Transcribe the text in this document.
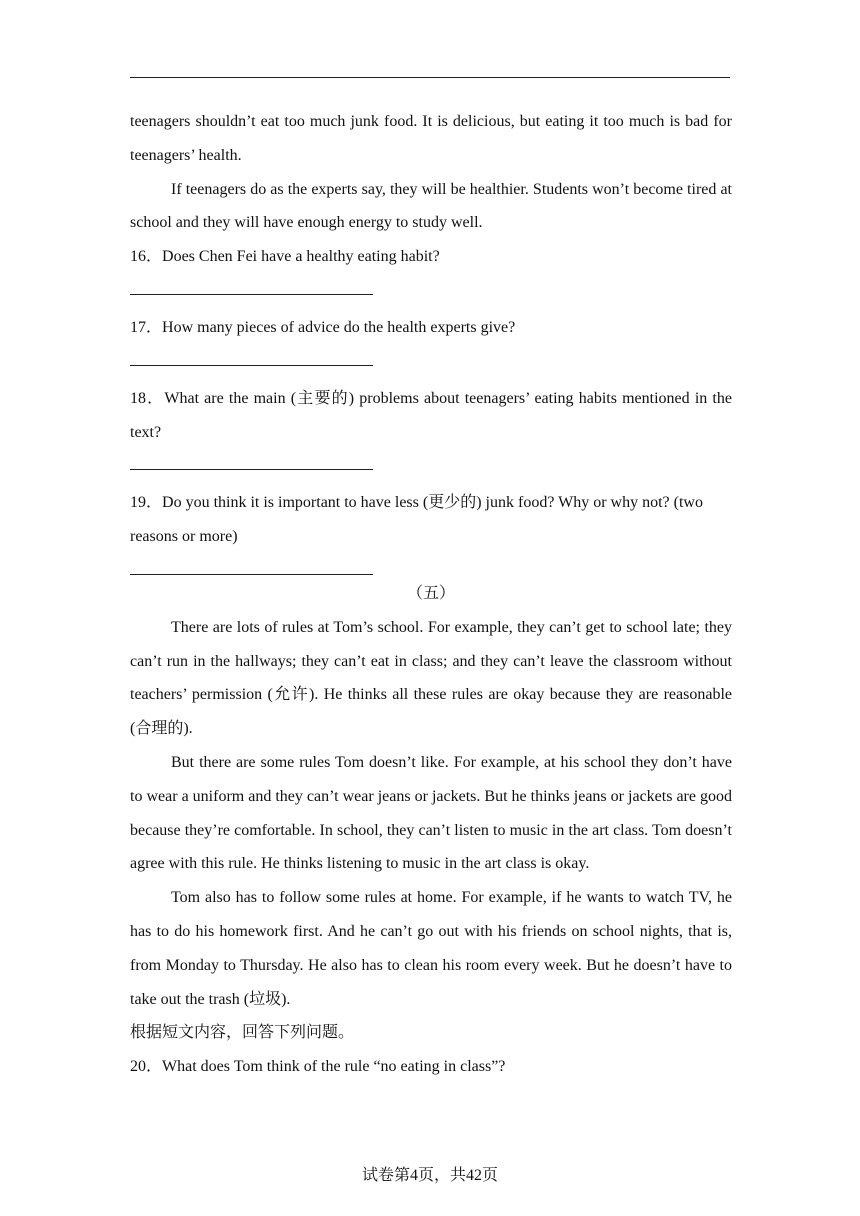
teenagers shouldn’t eat too much junk food. It is delicious, but eating it too much is bad for teenagers’ health.

If teenagers do as the experts say, they will be healthier. Students won’t become tired at school and they will have enough energy to study well.

16．Does Chen Fei have a healthy eating habit?

17．How many pieces of advice do the health experts give?

18．What are the main (主要的) problems about teenagers’ eating habits mentioned in the text?

19．Do you think it is important to have less (更少的) junk food? Why or why not? (two reasons or more)

（五）

There are lots of rules at Tom’s school. For example, they can’t get to school late; they can’t run in the hallways; they can’t eat in class; and they can’t leave the classroom without teachers’ permission (允许). He thinks all these rules are okay because they are reasonable (合理的).

But there are some rules Tom doesn’t like. For example, at his school they don’t have to wear a uniform and they can’t wear jeans or jackets. But he thinks jeans or jackets are good because they’re comfortable. In school, they can’t listen to music in the art class. Tom doesn’t agree with this rule. He thinks listening to music in the art class is okay.

Tom also has to follow some rules at home. For example, if he wants to watch TV, he has to do his homework first. And he can’t go out with his friends on school nights, that is, from Monday to Thursday. He also has to clean his room every week. But he doesn’t have to take out the trash (垃圾).

根据短文内容，回答下列问题。

20．What does Tom think of the rule “no eating in class”?

试卷第4页，共42页
